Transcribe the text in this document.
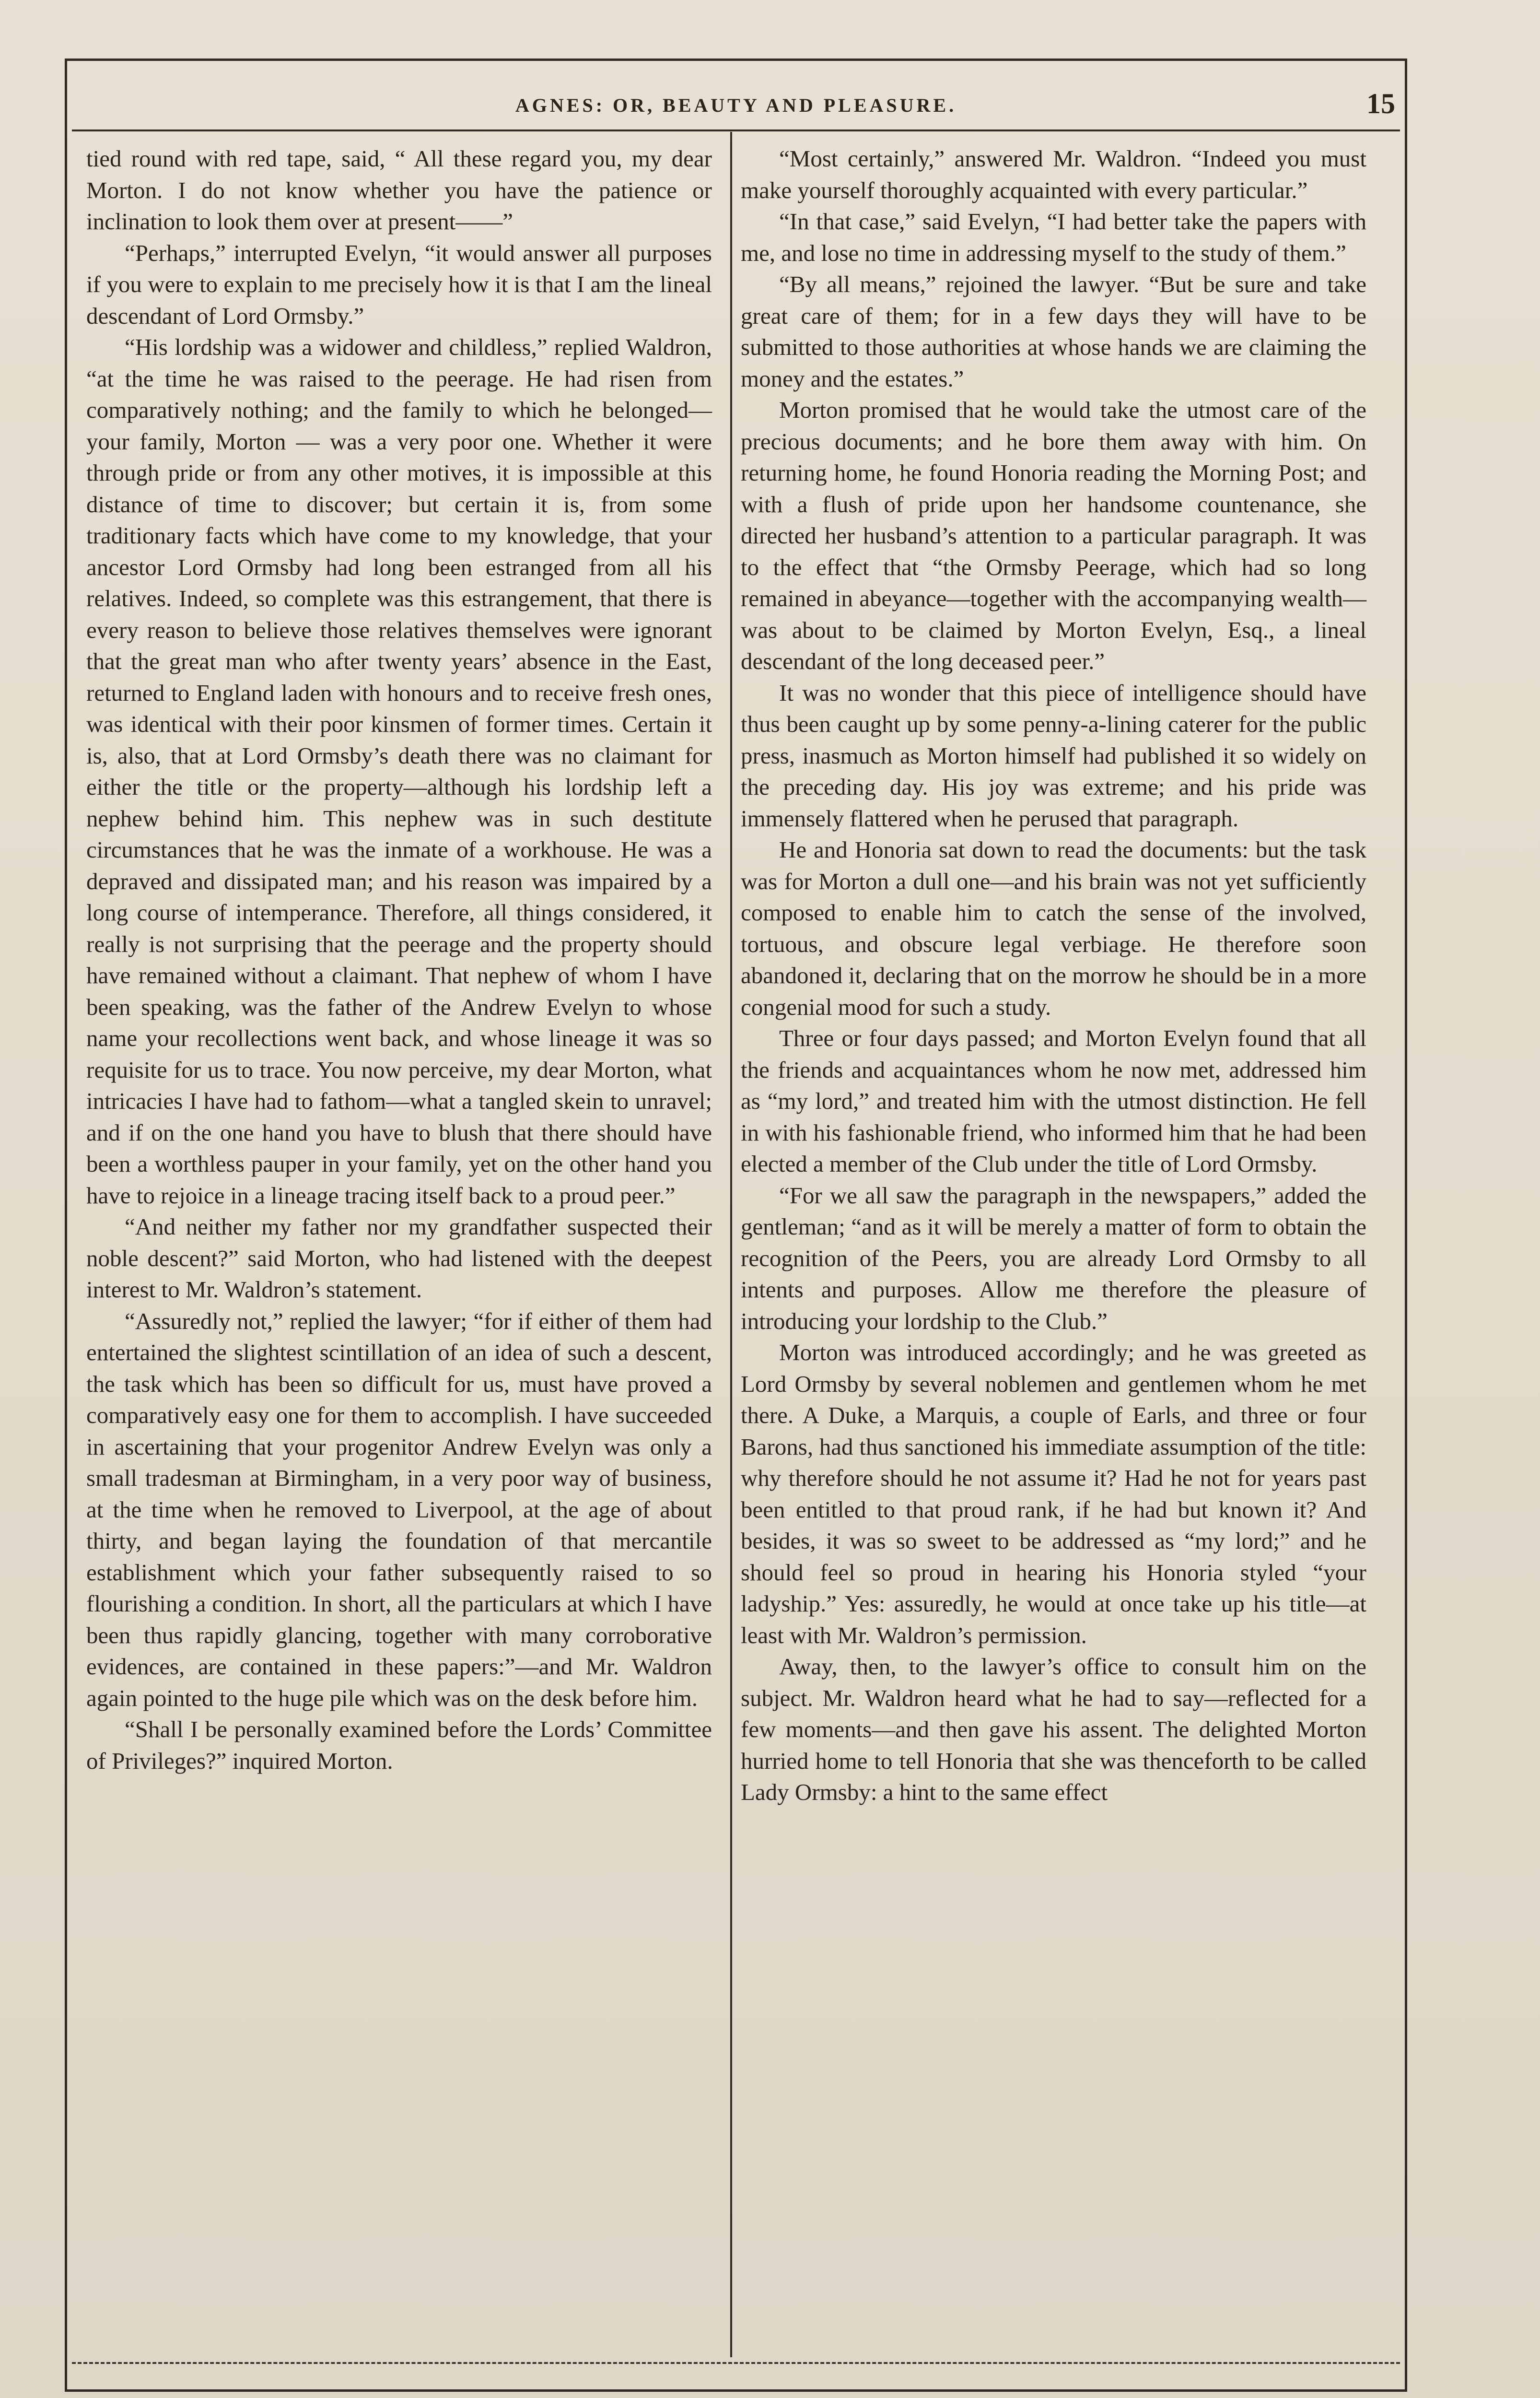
AGNES: OR, BEAUTY AND PLEASURE.	15

tied round with red tape, said, “ All these regard you, my dear Morton. I do not know whether you have the patience or inclination to look them over at present——”

“Perhaps,” interrupted Evelyn, “it would answer all purposes if you were to explain to me precisely how it is that I am the lineal descendant of Lord Ormsby.”

“His lordship was a widower and childless,” replied Waldron, “at the time he was raised to the peerage. He had risen from comparatively nothing; and the family to which he belonged—your family, Morton — was a very poor one. Whether it were through pride or from any other motives, it is impossible at this distance of time to discover; but certain it is, from some traditionary facts which have come to my knowledge, that your ancestor Lord Ormsby had long been estranged from all his relatives. Indeed, so complete was this estrangement, that there is every reason to believe those relatives themselves were ignorant that the great man who after twenty years’ absence in the East, returned to England laden with honours and to receive fresh ones, was identical with their poor kinsmen of former times. Certain it is, also, that at Lord Ormsby’s death there was no claimant for either the title or the property—although his lordship left a nephew behind him. This nephew was in such destitute circumstances that he was the inmate of a workhouse. He was a depraved and dissipated man; and his reason was impaired by a long course of intemperance. Therefore, all things considered, it really is not surprising that the peerage and the property should have remained without a claimant. That nephew of whom I have been speaking, was the father of the Andrew Evelyn to whose name your recollections went back, and whose lineage it was so requisite for us to trace. You now perceive, my dear Morton, what intricacies I have had to fathom—what a tangled skein to unravel; and if on the one hand you have to blush that there should have been a worthless pauper in your family, yet on the other hand you have to rejoice in a lineage tracing itself back to a proud peer.”

“And neither my father nor my grandfather suspected their noble descent?” said Morton, who had listened with the deepest interest to Mr. Waldron’s statement.

“Assuredly not,” replied the lawyer; “for if either of them had entertained the slightest scintillation of an idea of such a descent, the task which has been so difficult for us, must have proved a comparatively easy one for them to accomplish. I have succeeded in ascertaining that your progenitor Andrew Evelyn was only a small tradesman at Birmingham, in a very poor way of business, at the time when he removed to Liverpool, at the age of about thirty, and began laying the foundation of that mercantile establishment which your father subsequently raised to so flourishing a condition. In short, all the particulars at which I have been thus rapidly glancing, together with many corroborative evidences, are contained in these papers:”—and Mr. Waldron again pointed to the huge pile which was on the desk before him.

“Shall I be personally examined before the Lords’ Committee of Privileges?” inquired Morton.

“Most certainly,” answered Mr. Waldron. “Indeed you must make yourself thoroughly acquainted with every particular.”

“In that case,” said Evelyn, “I had better take the papers with me, and lose no time in addressing myself to the study of them.”

“By all means,” rejoined the lawyer. “But be sure and take great care of them; for in a few days they will have to be submitted to those authorities at whose hands we are claiming the money and the estates.”

Morton promised that he would take the utmost care of the precious documents; and he bore them away with him. On returning home, he found Honoria reading the Morning Post; and with a flush of pride upon her handsome countenance, she directed her husband’s attention to a particular paragraph. It was to the effect that “the Ormsby Peerage, which had so long remained in abeyance—together with the accompanying wealth—was about to be claimed by Morton Evelyn, Esq., a lineal descendant of the long deceased peer.”

It was no wonder that this piece of intelligence should have thus been caught up by some penny-a-lining caterer for the public press, inasmuch as Morton himself had published it so widely on the preceding day. His joy was extreme; and his pride was immensely flattered when he perused that paragraph.

He and Honoria sat down to read the documents: but the task was for Morton a dull one—and his brain was not yet sufficiently composed to enable him to catch the sense of the involved, tortuous, and obscure legal verbiage. He therefore soon abandoned it, declaring that on the morrow he should be in a more congenial mood for such a study.

Three or four days passed; and Morton Evelyn found that all the friends and acquaintances whom he now met, addressed him as “my lord,” and treated him with the utmost distinction. He fell in with his fashionable friend, who informed him that he had been elected a member of the Club under the title of Lord Ormsby.

“For we all saw the paragraph in the newspapers,” added the gentleman; “and as it will be merely a matter of form to obtain the recognition of the Peers, you are already Lord Ormsby to all intents and purposes. Allow me therefore the pleasure of introducing your lordship to the Club.”

Morton was introduced accordingly; and he was greeted as Lord Ormsby by several noblemen and gentlemen whom he met there. A Duke, a Marquis, a couple of Earls, and three or four Barons, had thus sanctioned his immediate assumption of the title: why therefore should he not assume it? Had he not for years past been entitled to that proud rank, if he had but known it? And besides, it was so sweet to be addressed as “my lord;” and he should feel so proud in hearing his Honoria styled “your ladyship.” Yes: assuredly, he would at once take up his title—at least with Mr. Waldron’s permission.

Away, then, to the lawyer’s office to consult him on the subject. Mr. Waldron heard what he had to say—reflected for a few moments—and then gave his assent. The delighted Morton hurried home to tell Honoria that she was thenceforth to be called Lady Ormsby: a hint to the same effect
